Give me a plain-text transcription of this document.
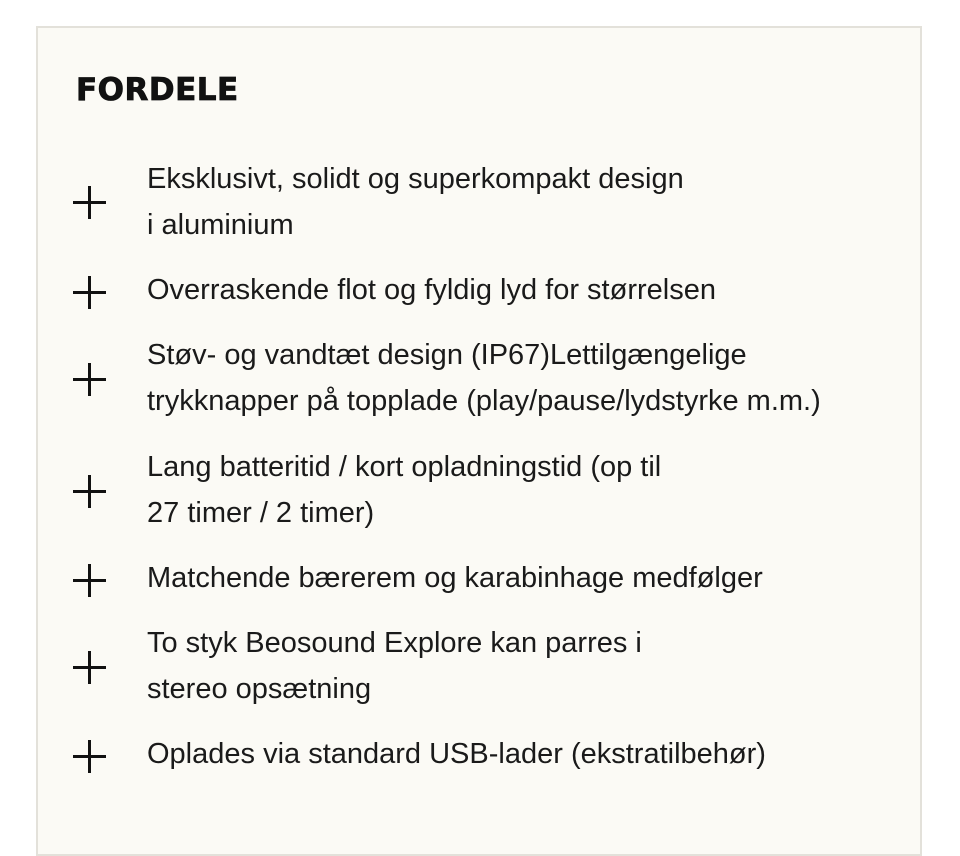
FORDELE

Eksklusivt, solidt og superkompakt design
i aluminium

Overraskende flot og fyldig lyd for størrelsen

Støv- og vandtæt design (IP67)Lettilgængelige
trykknapper på topplade (play/pause/lydstyrke m.m.)

Lang batteritid / kort opladningstid (op til
27 timer / 2 timer)

Matchende bærerem og karabinhage medfølger

To styk Beosound Explore kan parres i
stereo opsætning

Oplades via standard USB-lader (ekstratilbehør)
